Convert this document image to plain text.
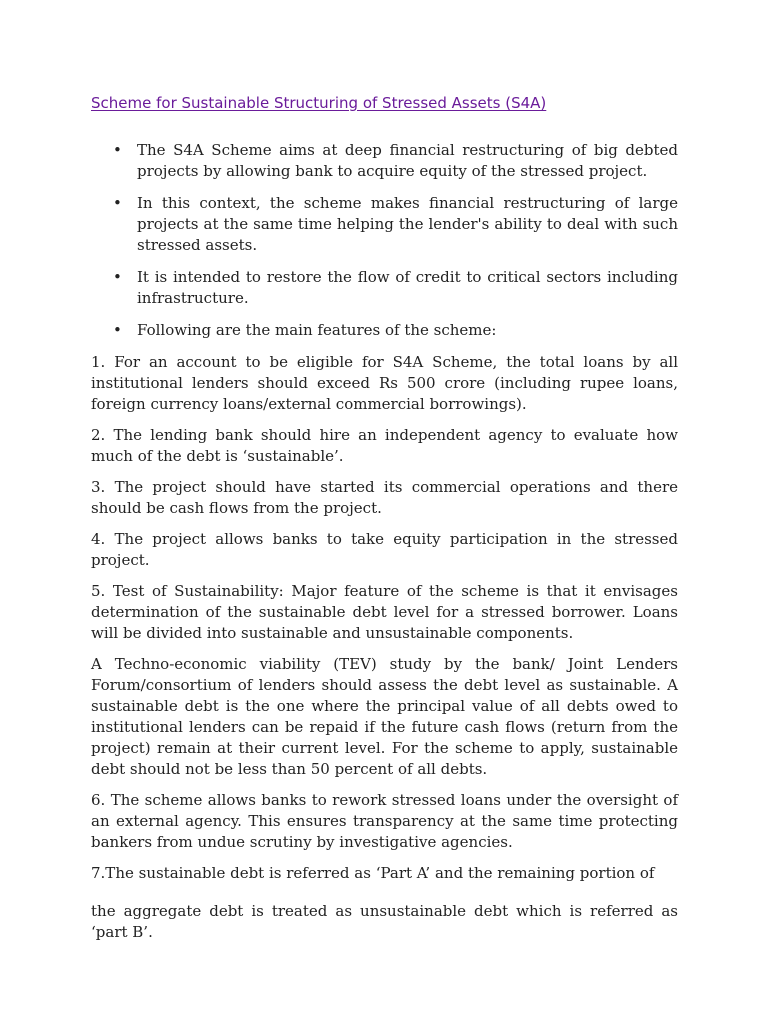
Scheme for Sustainable Structuring of Stressed Assets (S4A)
• The S4A Scheme aims at deep financial restructuring of big debted projects by allowing bank to acquire equity of the stressed project.
• In this context, the scheme makes financial restructuring of large projects at the same time helping the lender's ability to deal with such stressed assets.
• It is intended to restore the flow of credit to critical sectors including infrastructure.
• Following are the main features of the scheme:

1. For an account to be eligible for S4A Scheme, the total loans by all institutional lenders should exceed Rs 500 crore (including rupee loans, foreign currency loans/external commercial borrowings).

2. The lending bank should hire an independent agency to evaluate how much of the debt is ‘sustainable’.

3. The project should have started its commercial operations and there should be cash flows from the project.

4. The project allows banks to take equity participation in the stressed project.

5. Test of Sustainability: Major feature of the scheme is that it envisages determination of the sustainable debt level for a stressed borrower. Loans will be divided into sustainable and unsustainable components.

A Techno-economic viability (TEV) study by the bank/ Joint Lenders Forum/consortium of lenders should assess the debt level as sustainable. A sustainable debt is the one where the principal value of all debts owed to institutional lenders can be repaid if the future cash flows (return from the project) remain at their current level. For the scheme to apply, sustainable debt should not be less than 50 percent of all debts.

6. The scheme allows banks to rework stressed loans under the oversight of an external agency. This ensures transparency at the same time protecting bankers from undue scrutiny by investigative agencies.

7.The sustainable debt is referred as ‘Part A’ and the remaining portion of

the aggregate debt is treated as unsustainable debt which is referred as ‘part B’.
